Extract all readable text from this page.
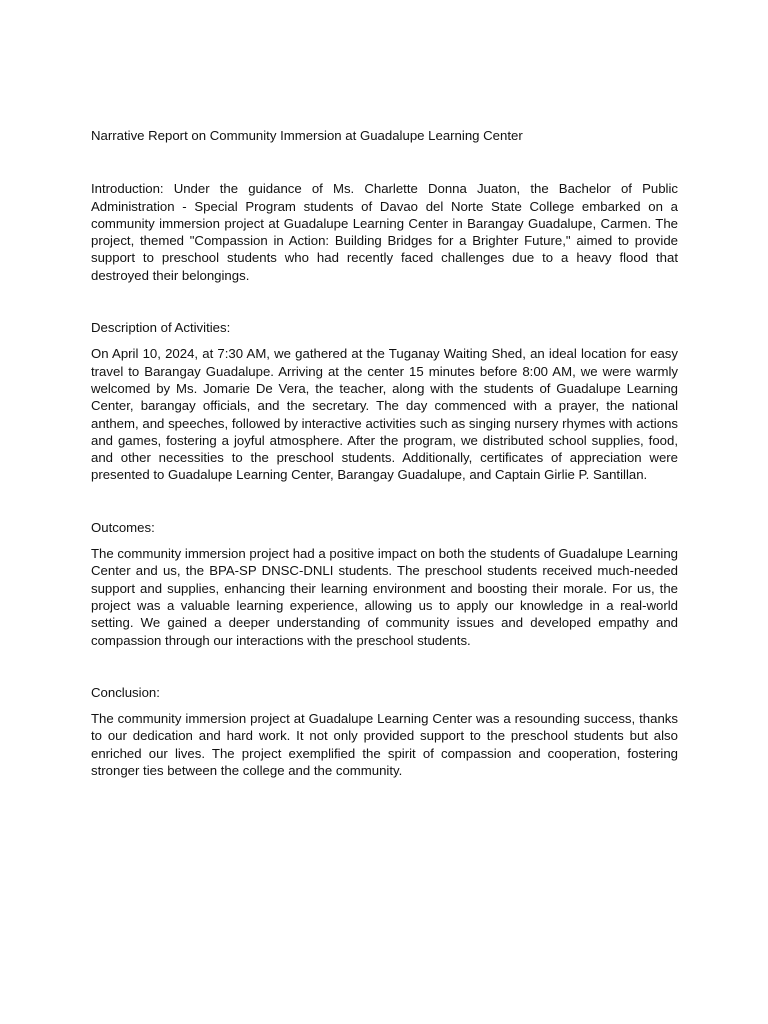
Narrative Report on Community Immersion at Guadalupe Learning Center

Introduction: Under the guidance of Ms. Charlette Donna Juaton, the Bachelor of Public Administration - Special Program students of Davao del Norte State College embarked on a community immersion project at Guadalupe Learning Center in Barangay Guadalupe, Carmen. The project, themed "Compassion in Action: Building Bridges for a Brighter Future," aimed to provide support to preschool students who had recently faced challenges due to a heavy flood that destroyed their belongings.

Description of Activities:

On April 10, 2024, at 7:30 AM, we gathered at the Tuganay Waiting Shed, an ideal location for easy travel to Barangay Guadalupe. Arriving at the center 15 minutes before 8:00 AM, we were warmly welcomed by Ms. Jomarie De Vera, the teacher, along with the students of Guadalupe Learning Center, barangay officials, and the secretary. The day commenced with a prayer, the national anthem, and speeches, followed by interactive activities such as singing nursery rhymes with actions and games, fostering a joyful atmosphere. After the program, we distributed school supplies, food, and other necessities to the preschool students. Additionally, certificates of appreciation were presented to Guadalupe Learning Center, Barangay Guadalupe, and Captain Girlie P. Santillan.

Outcomes:

The community immersion project had a positive impact on both the students of Guadalupe Learning Center and us, the BPA-SP DNSC-DNLI students. The preschool students received much-needed support and supplies, enhancing their learning environment and boosting their morale. For us, the project was a valuable learning experience, allowing us to apply our knowledge in a real-world setting. We gained a deeper understanding of community issues and developed empathy and compassion through our interactions with the preschool students.

Conclusion:

The community immersion project at Guadalupe Learning Center was a resounding success, thanks to our dedication and hard work. It not only provided support to the preschool students but also enriched our lives. The project exemplified the spirit of compassion and cooperation, fostering stronger ties between the college and the community.
